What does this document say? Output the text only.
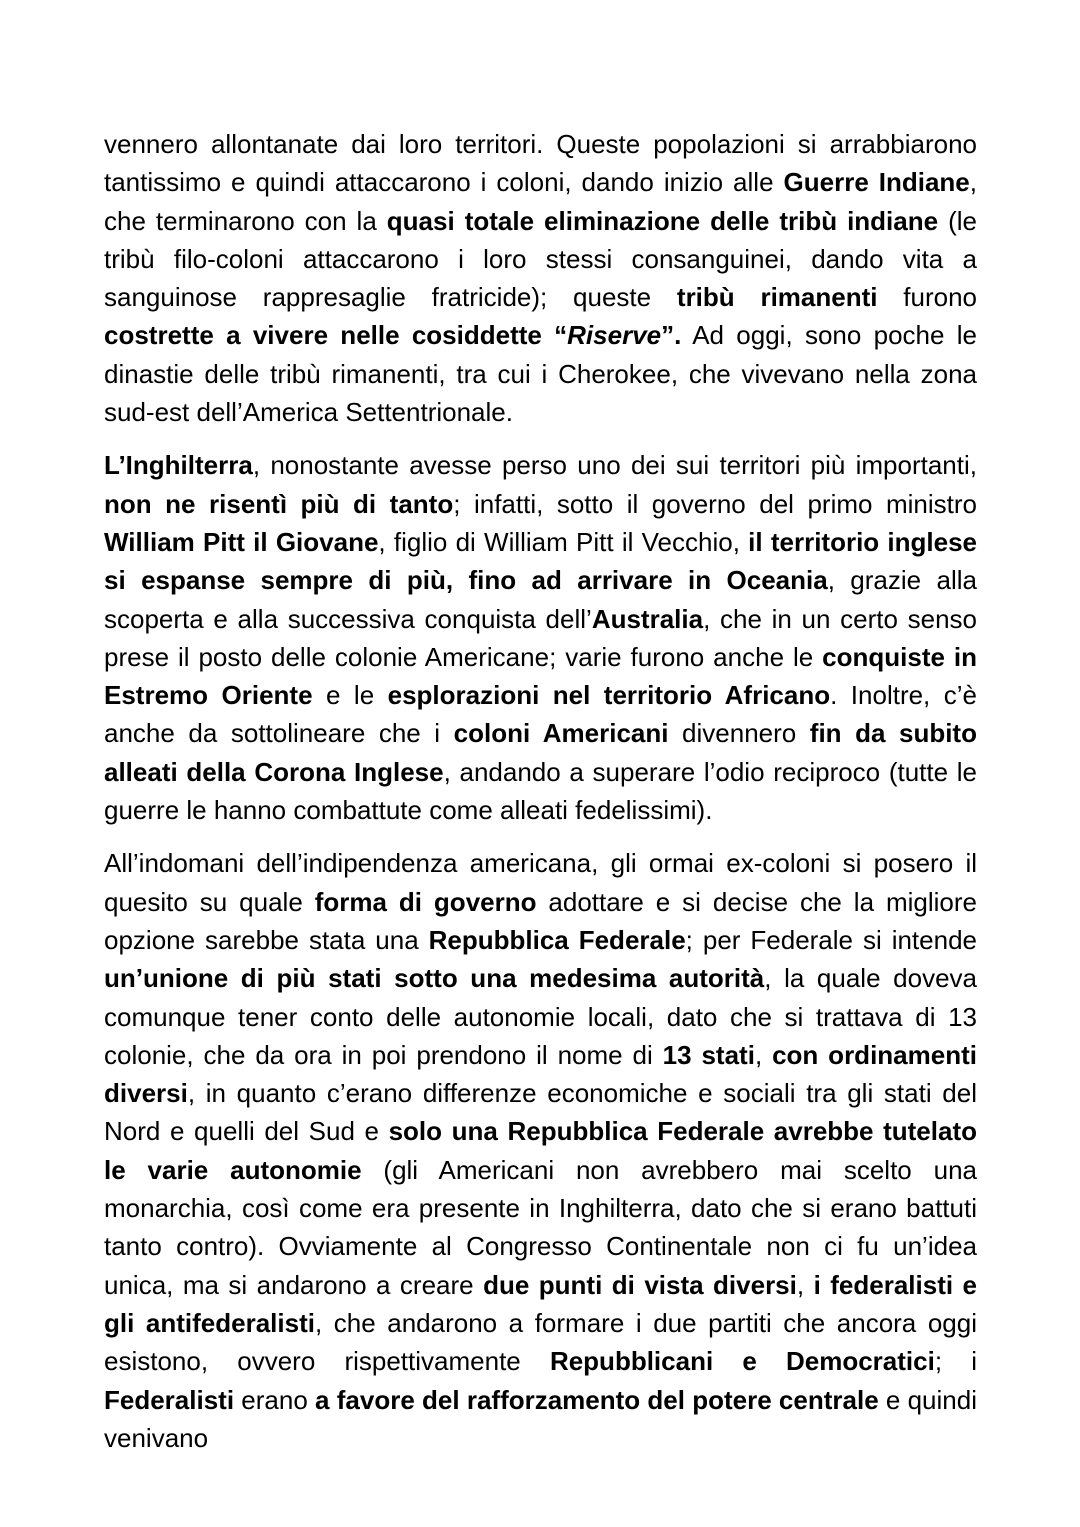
vennero allontanate dai loro territori. Queste popolazioni si arrabbiarono tantissimo e quindi attaccarono i coloni, dando inizio alle Guerre Indiane, che terminarono con la quasi totale eliminazione delle tribù indiane (le tribù filo-coloni attaccarono i loro stessi consanguinei, dando vita a sanguinose rappresaglie fratricide); queste tribù rimanenti furono costrette a vivere nelle cosiddette “Riserve”. Ad oggi, sono poche le dinastie delle tribù rimanenti, tra cui i Cherokee, che vivevano nella zona sud-est dell’America Settentrionale.

L’Inghilterra, nonostante avesse perso uno dei sui territori più importanti, non ne risentì più di tanto; infatti, sotto il governo del primo ministro William Pitt il Giovane, figlio di William Pitt il Vecchio, il territorio inglese si espanse sempre di più, fino ad arrivare in Oceania, grazie alla scoperta e alla successiva conquista dell’Australia, che in un certo senso prese il posto delle colonie Americane; varie furono anche le conquiste in Estremo Oriente e le esplorazioni nel territorio Africano. Inoltre, c’è anche da sottolineare che i coloni Americani divennero fin da subito alleati della Corona Inglese, andando a superare l’odio reciproco (tutte le guerre le hanno combattute come alleati fedelissimi).

All’indomani dell’indipendenza americana, gli ormai ex-coloni si posero il quesito su quale forma di governo adottare e si decise che la migliore opzione sarebbe stata una Repubblica Federale; per Federale si intende un’unione di più stati sotto una medesima autorità, la quale doveva comunque tener conto delle autonomie locali, dato che si trattava di 13 colonie, che da ora in poi prendono il nome di 13 stati, con ordinamenti diversi, in quanto c’erano differenze economiche e sociali tra gli stati del Nord e quelli del Sud e solo una Repubblica Federale avrebbe tutelato le varie autonomie (gli Americani non avrebbero mai scelto una monarchia, così come era presente in Inghilterra, dato che si erano battuti tanto contro). Ovviamente al Congresso Continentale non ci fu un’idea unica, ma si andarono a creare due punti di vista diversi, i federalisti e gli antifederalisti, che andarono a formare i due partiti che ancora oggi esistono, ovvero rispettivamente Repubblicani e Democratici; i Federalisti erano a favore del rafforzamento del potere centrale e quindi venivano
